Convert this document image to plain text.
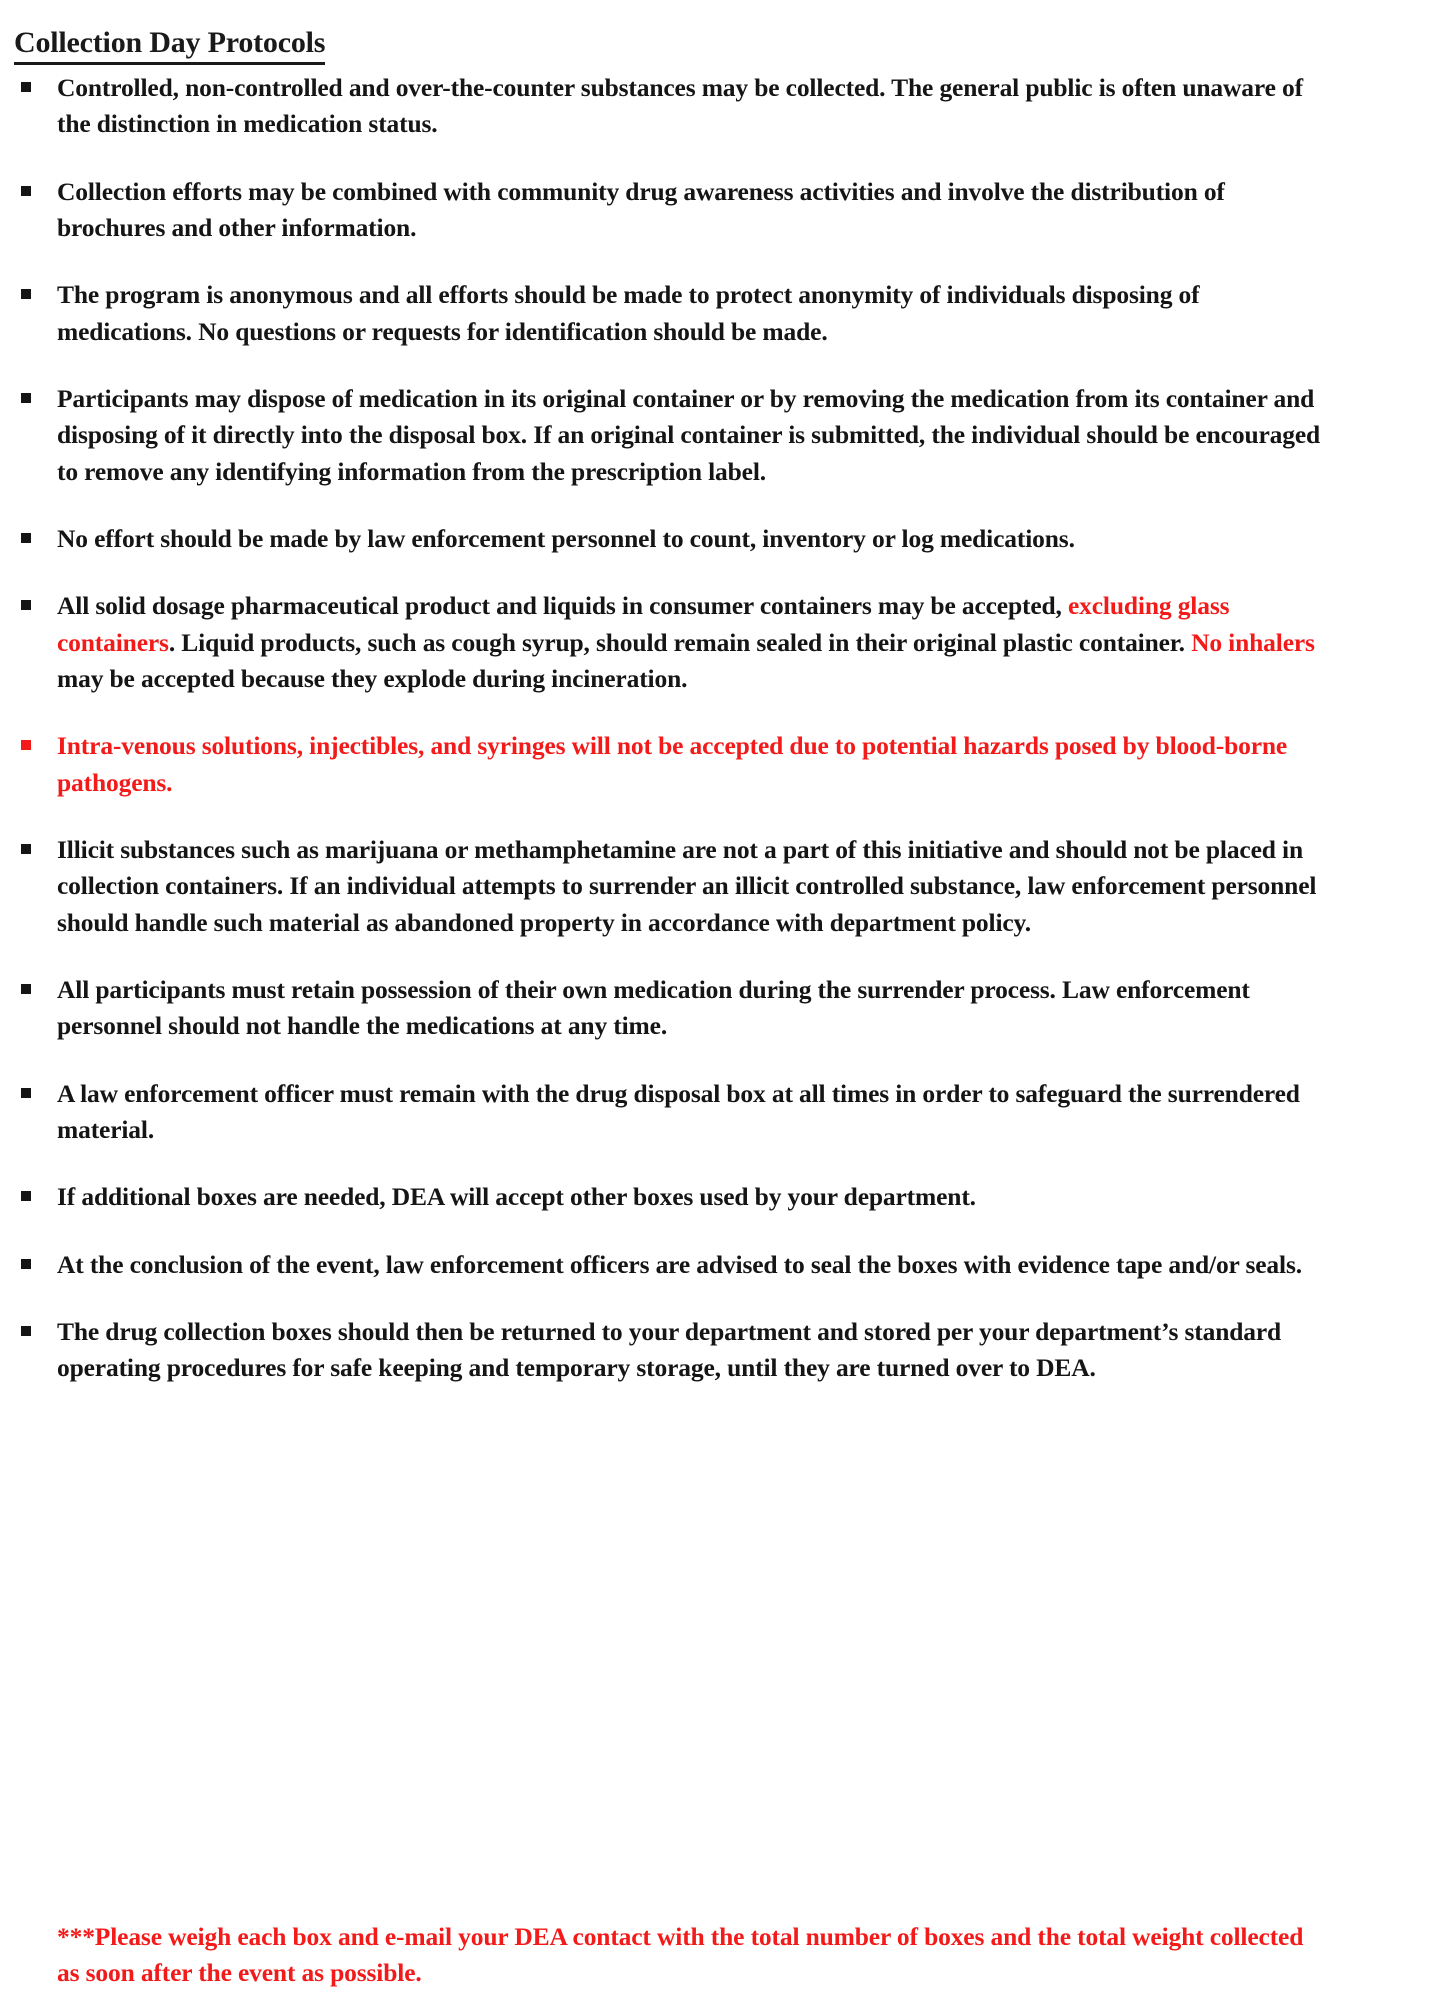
Collection Day Protocols
Controlled, non-controlled and over-the-counter substances may be collected. The general public is often unaware of the distinction in medication status.
Collection efforts may be combined with community drug awareness activities and involve the distribution of brochures and other information.
The program is anonymous and all efforts should be made to protect anonymity of individuals disposing of medications. No questions or requests for identification should be made.
Participants may dispose of medication in its original container or by removing the medication from its container and disposing of it directly into the disposal box. If an original container is submitted, the individual should be encouraged to remove any identifying information from the prescription label.
No effort should be made by law enforcement personnel to count, inventory or log medications.
All solid dosage pharmaceutical product and liquids in consumer containers may be accepted, excluding glass containers. Liquid products, such as cough syrup, should remain sealed in their original plastic container. No inhalers may be accepted because they explode during incineration.
Intra-venous solutions, injectibles, and syringes will not be accepted due to potential hazards posed by blood-borne pathogens.
Illicit substances such as marijuana or methamphetamine are not a part of this initiative and should not be placed in collection containers. If an individual attempts to surrender an illicit controlled substance, law enforcement personnel should handle such material as abandoned property in accordance with department policy.
All participants must retain possession of their own medication during the surrender process. Law enforcement personnel should not handle the medications at any time.
A law enforcement officer must remain with the drug disposal box at all times in order to safeguard the surrendered material.
If additional boxes are needed, DEA will accept other boxes used by your department.
At the conclusion of the event, law enforcement officers are advised to seal the boxes with evidence tape and/or seals.
The drug collection boxes should then be returned to your department and stored per your department’s standard operating procedures for safe keeping and temporary storage, until they are turned over to DEA.

***Please weigh each box and e-mail your DEA contact with the total number of boxes and the total weight collected as soon after the event as possible.
